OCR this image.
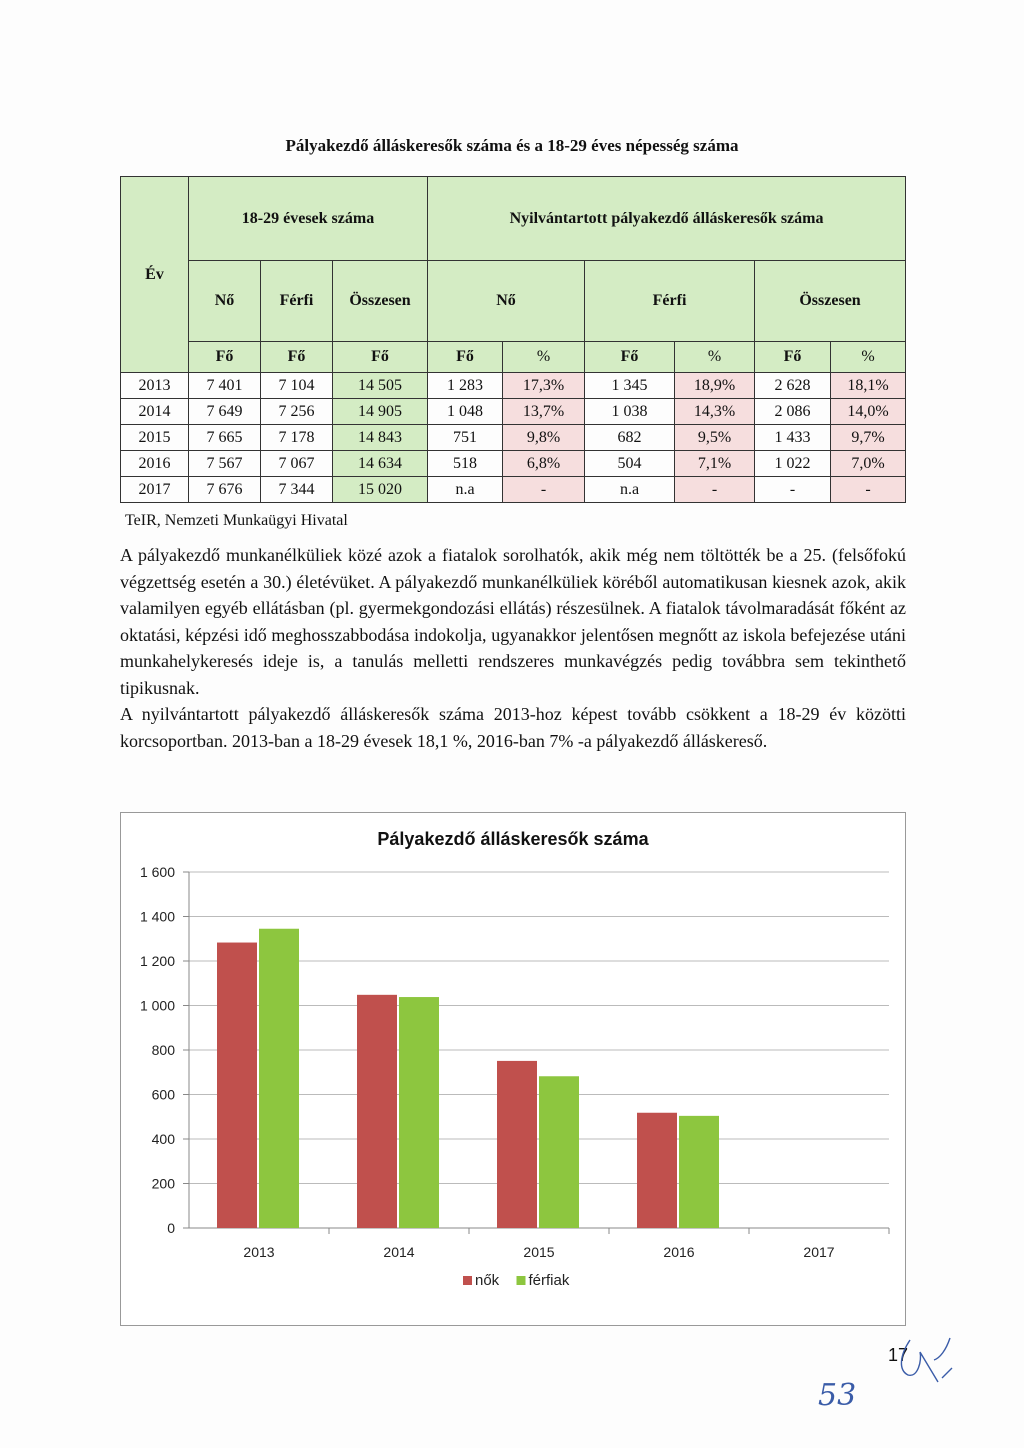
Pályakezdő álláskeresők száma és a 18-29 éves népesség száma
Év	18-29 évesek száma			Nyilvántartott pályakezdő álláskeresők száma					
	Nő	Férfi	Összesen	Nő		Férfi		Összesen	
	Fő	Fő	Fő	Fő	%	Fő	%	Fő	%
2013	7 401	7 104	14 505	1 283	17,3%	1 345	18,9%	2 628	18,1%
2014	7 649	7 256	14 905	1 048	13,7%	1 038	14,3%	2 086	14,0%
2015	7 665	7 178	14 843	751	9,8%	682	9,5%	1 433	9,7%
2016	7 567	7 067	14 634	518	6,8%	504	7,1%	1 022	7,0%
2017	7 676	7 344	15 020	n.a	-	n.a	-	-	-
TeIR, Nemzeti Munkaügyi Hivatal

A pályakezdő munkanélküliek közé azok a fiatalok sorolhatók, akik még nem töltötték be a 25. (felsőfokú végzettség esetén a 30.) életévüket. A pályakezdő munkanélküliek köréből automatikusan kiesnek azok, akik valamilyen egyéb ellátásban (pl. gyermekgondozási ellátás) részesülnek. A fiatalok távolmaradását főként az oktatási, képzési idő meghosszabbodása indokolja, ugyanakkor jelentősen megnőtt az iskola befejezése utáni munkahelykeresés ideje is, a tanulás melletti rendszeres munkavégzés pedig továbbra sem tekinthető tipikusnak.

A nyilvántartott pályakezdő álláskeresők száma 2013-hoz képest tovább csökkent a 18-29 év közötti korcsoportban. 2013-ban a 18-29 évesek 18,1 %, 2016-ban 7% -a pályakezdő álláskereső.

Pályakezdő álláskeresők száma
0
200
400
600
800
1 000
1 200
1 400
1 600
2013	2014	2015	2016	2017
nők férfiak
17
53
